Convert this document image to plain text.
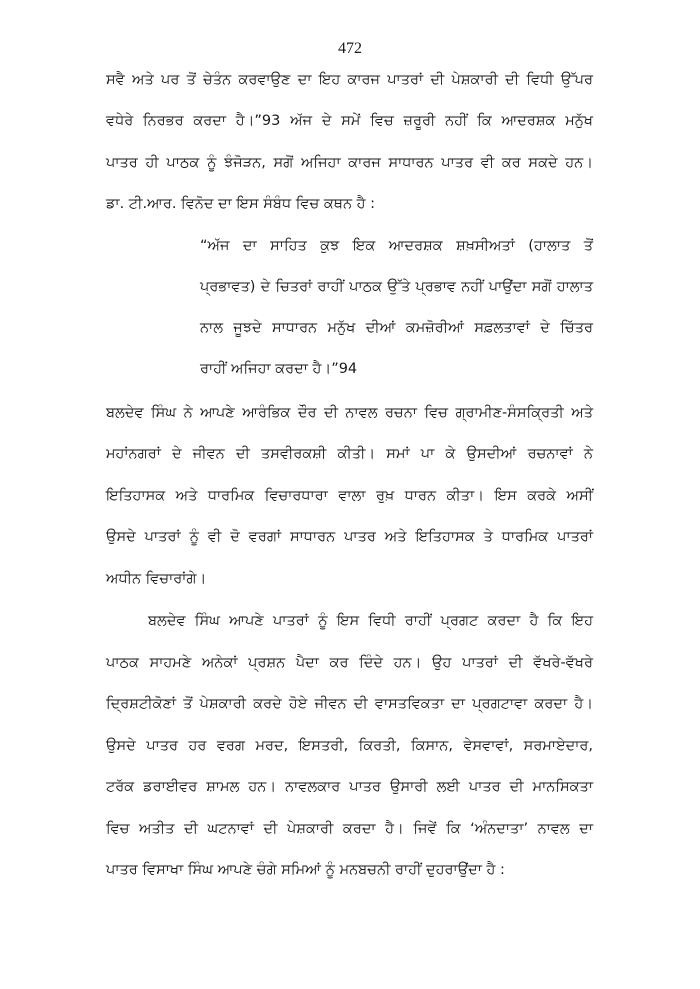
472
ਸਵੈ ਅਤੇ ਪਰ ਤੋਂ ਚੇਤੰਨ ਕਰਵਾਉਣ ਦਾ ਇਹ ਕਾਰਜ ਪਾਤਰਾਂ ਦੀ ਪੇਸ਼ਕਾਰੀ ਦੀ ਵਿਧੀ ਉੱਪਰ
ਵਧੇਰੇ ਨਿਰਭਰ ਕਰਦਾ ਹੈ।”93 ਅੱਜ ਦੇ ਸਮੇਂ ਵਿਚ ਜ਼ਰੂਰੀ ਨਹੀਂ ਕਿ ਆਦਰਸ਼ਕ ਮਨੁੱਖ
ਪਾਤਰ ਹੀ ਪਾਠਕ ਨੂੰ ਝੰਜੋੜਨ, ਸਗੋਂ ਅਜਿਹਾ ਕਾਰਜ ਸਾਧਾਰਨ ਪਾਤਰ ਵੀ ਕਰ ਸਕਦੇ ਹਨ।
ਡਾ. ਟੀ.ਆਰ. ਵਿਨੋਦ ਦਾ ਇਸ ਸੰਬੰਧ ਵਿਚ ਕਥਨ ਹੈ :
“ਅੱਜ ਦਾ ਸਾਹਿਤ ਕੁਝ ਇਕ ਆਦਰਸ਼ਕ ਸ਼ਖ਼ਸੀਅਤਾਂ (ਹਾਲਾਤ ਤੋਂ
ਪ੍ਰਭਾਵਤ) ਦੇ ਚਿਤਰਾਂ ਰਾਹੀਂ ਪਾਠਕ ਉੱਤੇ ਪ੍ਰਭਾਵ ਨਹੀਂ ਪਾਉਂਦਾ ਸਗੋਂ ਹਾਲਾਤ
ਨਾਲ ਜੂਝਦੇ ਸਾਧਾਰਨ ਮਨੁੱਖ ਦੀਆਂ ਕਮਜ਼ੋਰੀਆਂ ਸਫ਼ਲਤਾਵਾਂ ਦੇ ਚਿੱਤਰ
ਰਾਹੀਂ ਅਜਿਹਾ ਕਰਦਾ ਹੈ।”94
ਬਲਦੇਵ ਸਿੰਘ ਨੇ ਆਪਣੇ ਆਰੰਭਿਕ ਦੌਰ ਦੀ ਨਾਵਲ ਰਚਨਾ ਵਿਚ ਗ੍ਰਾਮੀਣ-ਸੰਸਕ੍ਰਿਤੀ ਅਤੇ
ਮਹਾਂਨਗਰਾਂ ਦੇ ਜੀਵਨ ਦੀ ਤਸਵੀਰਕਸ਼ੀ ਕੀਤੀ। ਸਮਾਂ ਪਾ ਕੇ ਉਸਦੀਆਂ ਰਚਨਾਵਾਂ ਨੇ
ਇਤਿਹਾਸਕ ਅਤੇ ਧਾਰਮਿਕ ਵਿਚਾਰਧਾਰਾ ਵਾਲਾ ਰੁਖ਼ ਧਾਰਨ ਕੀਤਾ। ਇਸ ਕਰਕੇ ਅਸੀਂ
ਉਸਦੇ ਪਾਤਰਾਂ ਨੂੰ ਵੀ ਦੋ ਵਰਗਾਂ ਸਾਧਾਰਨ ਪਾਤਰ ਅਤੇ ਇਤਿਹਾਸਕ ਤੇ ਧਾਰਮਿਕ ਪਾਤਰਾਂ
ਅਧੀਨ ਵਿਚਾਰਾਂਗੇ।
ਬਲਦੇਵ ਸਿੰਘ ਆਪਣੇ ਪਾਤਰਾਂ ਨੂੰ ਇਸ ਵਿਧੀ ਰਾਹੀਂ ਪ੍ਰਗਟ ਕਰਦਾ ਹੈ ਕਿ ਇਹ
ਪਾਠਕ ਸਾਹਮਣੇ ਅਨੇਕਾਂ ਪ੍ਰਸ਼ਨ ਪੈਦਾ ਕਰ ਦਿੰਦੇ ਹਨ। ਉਹ ਪਾਤਰਾਂ ਦੀ ਵੱਖਰੇ-ਵੱਖਰੇ
ਦ੍ਰਿਸ਼ਟੀਕੋਣਾਂ ਤੋਂ ਪੇਸ਼ਕਾਰੀ ਕਰਦੇ ਹੋਏ ਜੀਵਨ ਦੀ ਵਾਸਤਵਿਕਤਾ ਦਾ ਪ੍ਰਗਟਾਵਾ ਕਰਦਾ ਹੈ।
ਉਸਦੇ ਪਾਤਰ ਹਰ ਵਰਗ ਮਰਦ, ਇਸਤਰੀ, ਕਿਰਤੀ, ਕਿਸਾਨ, ਵੇਸਵਾਵਾਂ, ਸਰਮਾਏਦਾਰ,
ਟਰੱਕ ਡਰਾਈਵਰ ਸ਼ਾਮਲ ਹਨ। ਨਾਵਲਕਾਰ ਪਾਤਰ ਉਸਾਰੀ ਲਈ ਪਾਤਰ ਦੀ ਮਾਨਸਿਕਤਾ
ਵਿਚ ਅਤੀਤ ਦੀ ਘਟਨਾਵਾਂ ਦੀ ਪੇਸ਼ਕਾਰੀ ਕਰਦਾ ਹੈ। ਜਿਵੇਂ ਕਿ ‘ਅੰਨਦਾਤਾ’ ਨਾਵਲ ਦਾ
ਪਾਤਰ ਵਿਸਾਖਾ ਸਿੰਘ ਆਪਣੇ ਚੰਗੇ ਸਮਿਆਂ ਨੂੰ ਮਨਬਚਨੀ ਰਾਹੀਂ ਦੁਹਰਾਉਂਦਾ ਹੈ :
